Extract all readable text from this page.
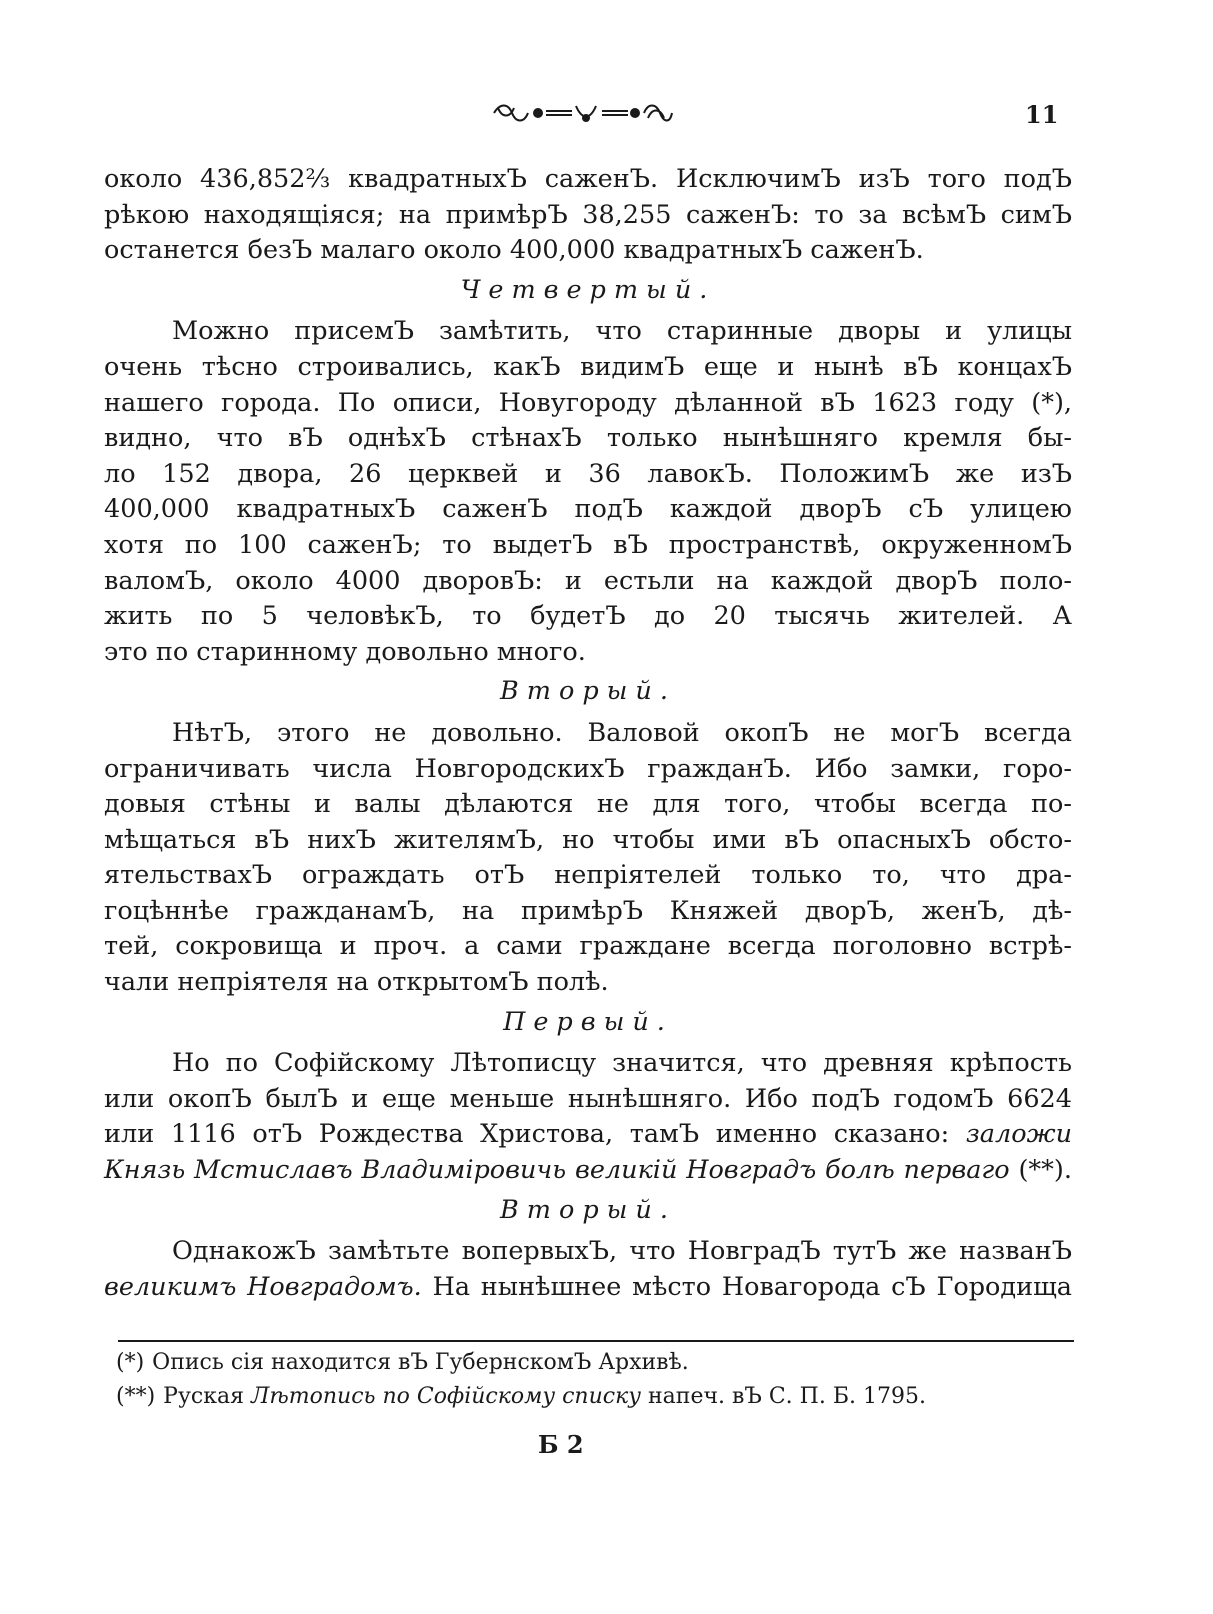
11
около 436,852⅔ квадратныхЪ саженЪ. ИсключимЪ изЪ того подЪ
рѣкою находящiяся; на примѣрЪ 38,255 саженЪ: то за всѣмЪ симЪ
останется безЪ малаго около 400,000 квадратныхЪ саженЪ.
Четвертый.
Можно присемЪ замѣтить, что старинные дворы и улицы
очень тѣсно строивались, какЪ видимЪ еще и нынѣ вЪ концахЪ
нашего города. По описи, Новугороду дѣланной вЪ 1623 году (*),
видно, что вЪ однѣхЪ стѣнахЪ только нынѣшняго кремля бы-
ло 152 двора, 26 церквей и 36 лавокЪ. ПоложимЪ же изЪ
400,000 квадратныхЪ саженЪ подЪ каждой дворЪ сЪ улицею
хотя по 100 саженЪ; то выдетЪ вЪ пространствѣ, окруженномЪ
валомЪ, около 4000 дворовЪ: и естьли на каждой дворЪ поло-
жить по 5 человѣкЪ, то будетЪ до 20 тысячь жителей. А
это по старинному довольно много.
Вторый.
НѣтЪ, этого не довольно. Валовой окопЪ не могЪ всегда
ограничивать числа НовгородскихЪ гражданЪ. Ибо замки, горо-
довыя стѣны и валы дѣлаются не для того, чтобы всегда по-
мѣщаться вЪ нихЪ жителямЪ, но чтобы ими вЪ опасныхЪ обсто-
ятельствахЪ ограждать отЪ непрiятелей только то, что дра-
гоцѣннѣе гражданамЪ, на примѣрЪ Княжей дворЪ, женЪ, дѣ-
тей, сокровища и проч. а сами граждане всегда поголовно встрѣ-
чали непрiятеля на открытомЪ полѣ.
Первый.
Но по Софiйскому Лѣтописцу значится, что древняя крѣпость
или окопЪ былЪ и еще меньше нынѣшняго. Ибо подЪ годомЪ 6624
или 1116 отЪ Рождества Христова, тамЪ именно сказано: заложи
Князь Мстиславъ Владимiровичь великiй Новградъ болѣ перваго (**).
Вторый.
ОднакожЪ замѣтьте вопервыхЪ, что НовградЪ тутЪ же названЪ
великимъ Новградомъ. На нынѣшнее мѣсто Новагорода сЪ Городища
(*) Опись сiя находится вЪ ГубернскомЪ Архивѣ.
(**) Руская Лѣтопись по Софiйскому списку напеч. вЪ С. П. Б. 1795.
Б 2
